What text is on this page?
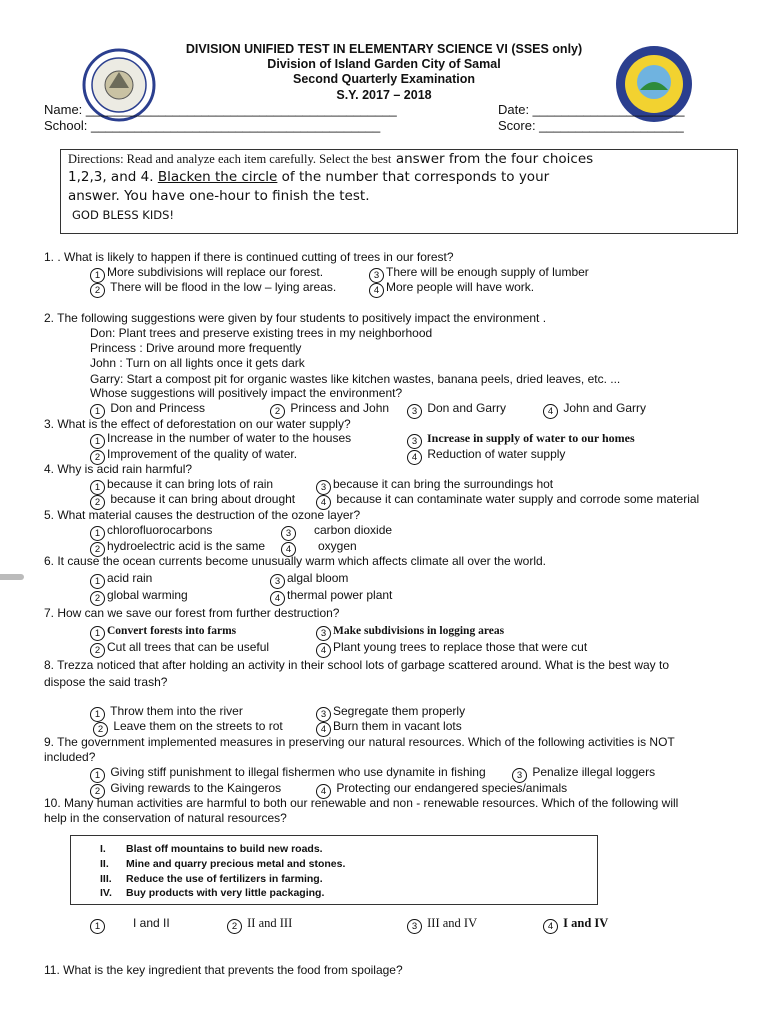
DIVISION UNIFIED TEST IN ELEMENTARY SCIENCE VI (SSES only)
Division of Island Garden City of Samal
Second Quarterly Examination
S.Y. 2017 – 2018
Name: ___________________________________________	Date: _____________________
School: ________________________________________	Score: ____________________
Directions: Read and analyze each item carefully. Select the best answer from the four choices
1,2,3, and 4. Blacken the circle of the number that corresponds to your
answer. You have one-hour to finish the test.
GOD BLESS KIDS!
1. . What is likely to happen if there is continued cutting of trees in our forest?
1 More subdivisions will replace our forest.	3 There will be enough supply of lumber
2 There will be flood in the low – lying areas.	4 More people will have work.
2. The following suggestions were given by four students to positively impact the environment .
Don: Plant trees and preserve existing trees in my neighborhood
Princess : Drive around more frequently
John : Turn on all lights once it gets dark
Garry: Start a compost pit for organic wastes like kitchen wastes, banana peels, dried leaves, etc. ...
Whose suggestions will positively impact the environment?
1 Don and Princess	2 Princess and John	3 Don and Garry	4 John and Garry
3. What is the effect of deforestation on our water supply?
1 Increase in the number of water to the houses	3 Increase in supply of water to our homes
2 Improvement of the quality of water.	4 Reduction of water supply
4. Why is acid rain harmful?
1 because it can bring lots of rain	3 because it can bring the surroundings hot
2 because it can bring about drought	4 because it can contaminate water supply and corrode some material
5. What material causes the destruction of the ozone layer?
1 chlorofluorocarbons	3 carbon dioxide
2 hydroelectric acid is the same	4 oxygen
6. It cause the ocean currents become unusually warm which affects climate all over the world.
1 acid rain	3 algal bloom
2 global warming	4 thermal power plant
7. How can we save our forest from further destruction?
1 Convert forests into farms	3 Make subdivisions in logging areas
2 Cut all trees that can be useful	4 Plant young trees to replace those that were cut
8. Trezza noticed that after holding an activity in their school lots of garbage scattered around. What is the best way to
dispose the said trash?
1 Throw them into the river	3 Segregate them properly
2 Leave them on the streets to rot	4 Burn them in vacant lots
9. The government implemented measures in preserving our natural resources. Which of the following activities is NOT
included?
1 Giving stiff punishment to illegal fishermen who use dynamite in fishing	3 Penalize illegal loggers
2 Giving rewards to the Kaingeros	4 Protecting our endangered species/animals
10. Many human activities are harmful to both our renewable and non - renewable resources. Which of the following will
help in the conservation of natural resources?
I. Blast off mountains to build new roads.
II. Mine and quarry precious metal and stones.
III. Reduce the use of fertilizers in farming.
IV. Buy products with very little packaging.
1	I and II	2 II and III	3 III and IV	4 I and IV
11. What is the key ingredient that prevents the food from spoilage?
